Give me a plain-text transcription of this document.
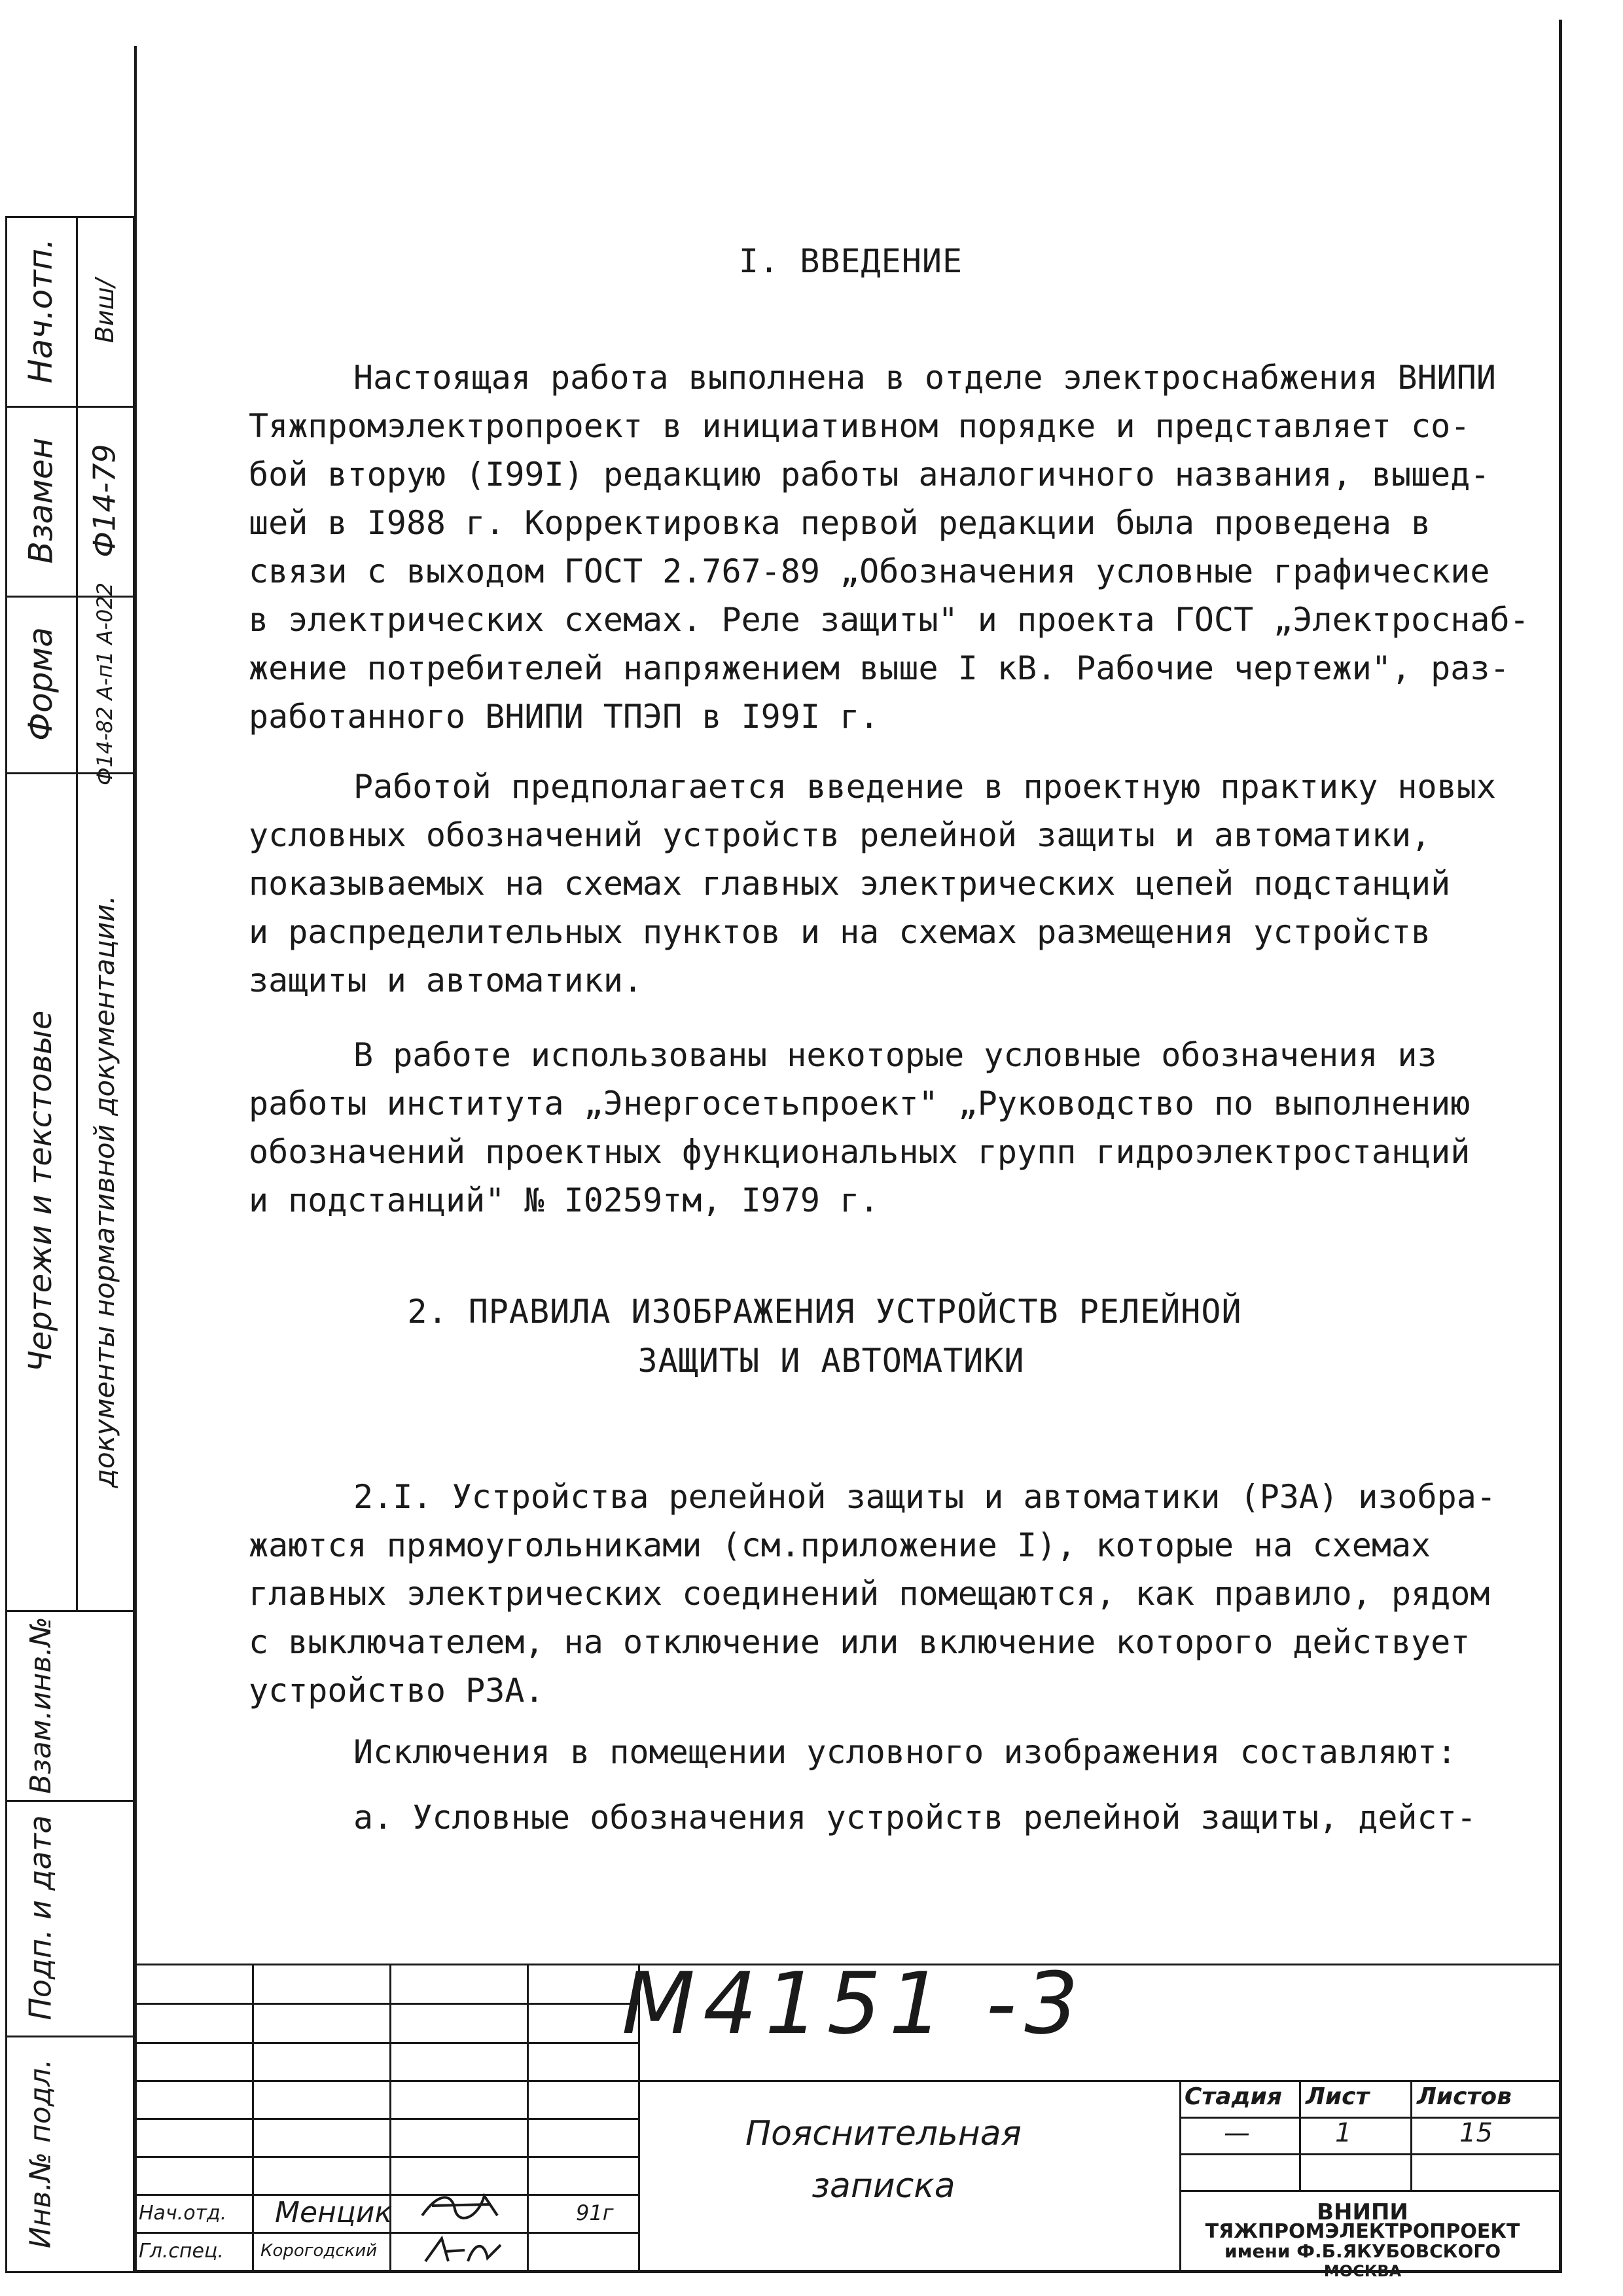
Нач.отп. Виш/
Взамен Ф14-79
Форма Ф14-82 А-п1 А-022
Чертежи и текстовые документы нормативной документации.
Взам.инв.№
Подп. и дата
Инв.№ подл.
I. ВВЕДЕНИЕ
Настоящая работа выполнена в отделе электроснабжения ВНИПИ
Тяжпромэлектропроект в инициативном порядке и представляет со-
бой вторую (I99I) редакцию работы аналогичного названия, вышед-
шей в I988 г. Корректировка первой редакции была проведена в
связи с выходом ГОСТ 2.767-89 „Обозначения условные графические
в электрических схемах. Реле защиты" и проекта ГОСТ „Электроснаб-
жение потребителей напряжением выше I кВ. Рабочие чертежи", раз-
работанного ВНИПИ ТПЭП в I99I г.
Работой предполагается введение в проектную практику новых
условных обозначений устройств релейной защиты и автоматики,
показываемых на схемах главных электрических цепей подстанций
и распределительных пунктов и на схемах размещения устройств
защиты и автоматики.
В работе использованы некоторые условные обозначения из
работы института „Энергосетьпроект" „Руководство по выполнению
обозначений проектных функциональных групп гидроэлектростанций
и подстанций" № I0259тм, I979 г.
2. ПРАВИЛА ИЗОБРАЖЕНИЯ УСТРОЙСТВ РЕЛЕЙНОЙ
ЗАЩИТЫ И АВТОМАТИКИ
2.I. Устройства релейной защиты и автоматики (РЗА) изобра-
жаются прямоугольниками (см.приложение I), которые на схемах
главных электрических соединений помещаются, как правило, рядом
с выключателем, на отключение или включение которого действует
устройство РЗА.
Исключения в помещении условного изображения составляют:
а. Условные обозначения устройств релейной защиты, дейст-
М4151 -3
Пояснительная
записка
Стадия Лист Листов
—	1	15
ВНИПИ
ТЯЖПРОМЭЛЕКТРОПРОЕКТ
имени Ф.Б.ЯКУБОВСКОГО
МОСКВА
Нач.отд. Менцик	91г
Гл.спец. Корогодский
